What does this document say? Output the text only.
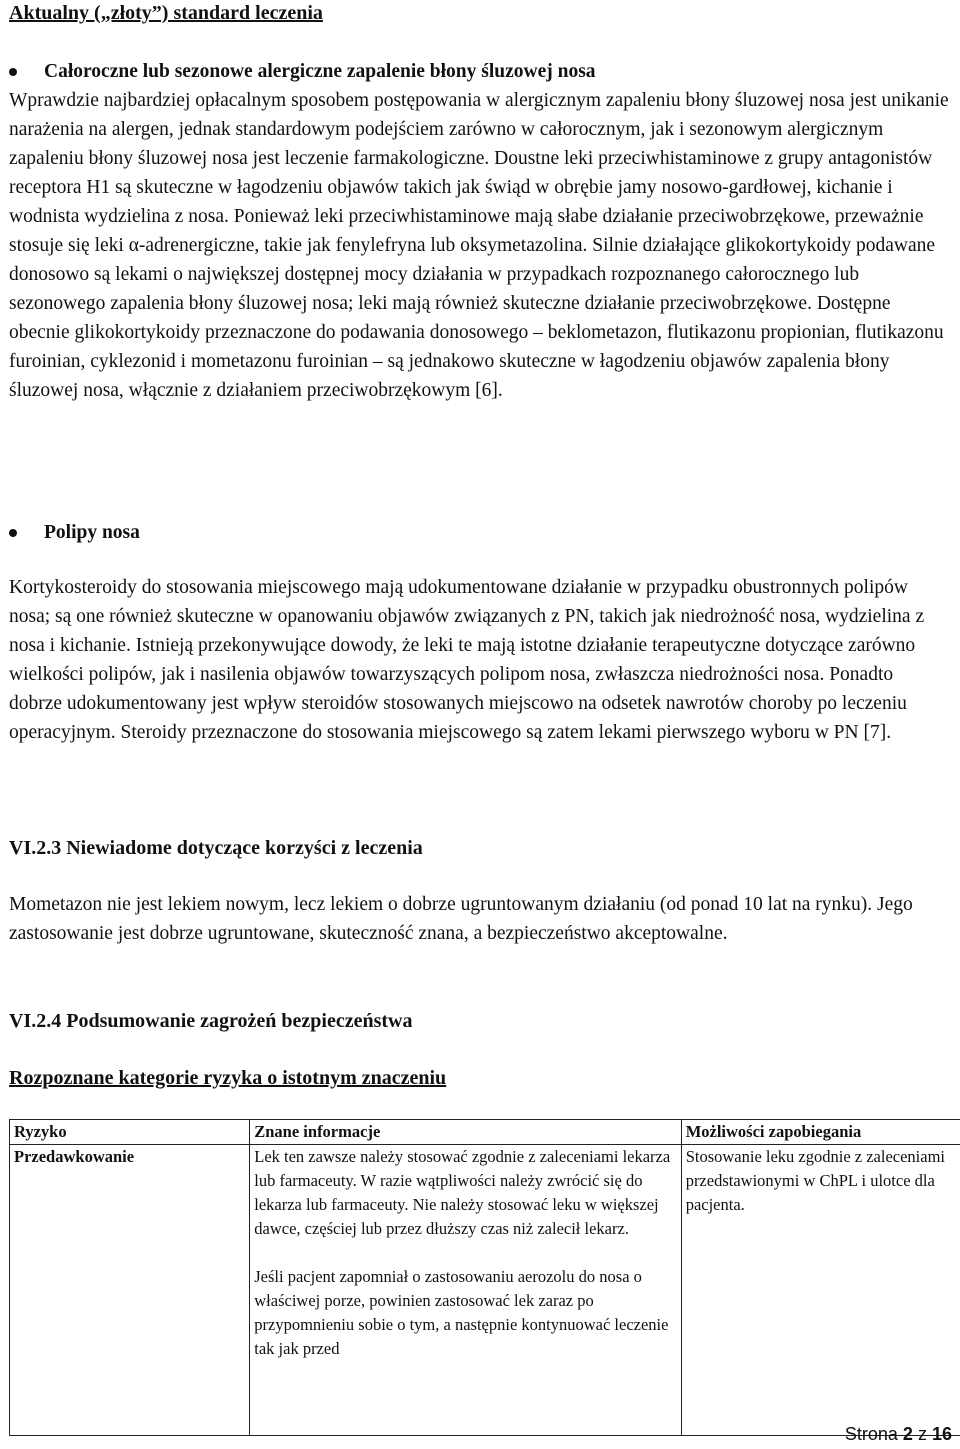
Aktualny („złoty”) standard leczenia
Całoroczne lub sezonowe alergiczne zapalenie błony śluzowej nosa

Wprawdzie najbardziej opłacalnym sposobem postępowania w alergicznym zapaleniu błony śluzowej nosa jest unikanie narażenia na alergen, jednak standardowym podejściem zarówno w całorocznym, jak i sezonowym alergicznym zapaleniu błony śluzowej nosa jest leczenie farmakologiczne. Doustne leki przeciwhistaminowe z grupy antagonistów receptora H1 są skuteczne w łagodzeniu objawów takich jak świąd w obrębie jamy nosowo-gardłowej, kichanie i wodnista wydzielina z nosa. Ponieważ leki przeciwhistaminowe mają słabe działanie przeciwobrzękowe, przeważnie stosuje się leki α-adrenergiczne, takie jak fenylefryna lub oksymetazolina. Silnie działające glikokortykoidy podawane donosowo są lekami o największej dostępnej mocy działania w przypadkach rozpoznanego całorocznego lub sezonowego zapalenia błony śluzowej nosa; leki mają również skuteczne działanie przeciwobrzękowe. Dostępne obecnie glikokortykoidy przeznaczone do podawania donosowego – beklometazon, flutikazonu propionian, flutikazonu furoinian, cyklezonid i mometazonu furoinian – są jednakowo skuteczne w łagodzeniu objawów zapalenia błony śluzowej nosa, włącznie z działaniem przeciwobrzękowym [6].

Polipy nosa

Kortykosteroidy do stosowania miejscowego mają udokumentowane działanie w przypadku obustronnych polipów nosa; są one również skuteczne w opanowaniu objawów związanych z PN, takich jak niedrożność nosa, wydzielina z nosa i kichanie. Istnieją przekonywujące dowody, że leki te mają istotne działanie terapeutyczne dotyczące zarówno wielkości polipów, jak i nasilenia objawów towarzyszących polipom nosa, zwłaszcza niedrożności nosa. Ponadto dobrze udokumentowany jest wpływ steroidów stosowanych miejscowo na odsetek nawrotów choroby po leczeniu operacyjnym. Steroidy przeznaczone do stosowania miejscowego są zatem lekami pierwszego wyboru w PN [7].

VI.2.3 Niewiadome dotyczące korzyści z leczenia

Mometazon nie jest lekiem nowym, lecz lekiem o dobrze ugruntowanym działaniu (od ponad 10 lat na rynku). Jego zastosowanie jest dobrze ugruntowane, skuteczność znana, a bezpieczeństwo akceptowalne.

VI.2.4 Podsumowanie zagrożeń bezpieczeństwa
Rozpoznane kategorie ryzyka o istotnym znaczeniu
Ryzyko	Znane informacje	Możliwości zapobiegania
Przedawkowanie	Lek ten zawsze należy stosować zgodnie z zaleceniami lekarza lub farmaceuty. W razie wątpliwości należy zwrócić się do lekarza lub farmaceuty. Nie należy stosować leku w większej dawce, częściej lub przez dłuższy czas niż zalecił lekarz.

Jeśli pacjent zapomniał o zastosowaniu aerozolu do nosa o właściwej porze, powinien zastosować lek zaraz po przypomnieniu sobie o tym, a następnie kontynuować leczenie tak jak przed	Stosowanie leku zgodnie z zaleceniami przedstawionymi w ChPL i ulotce dla pacjenta.

Strona 2 z 16
